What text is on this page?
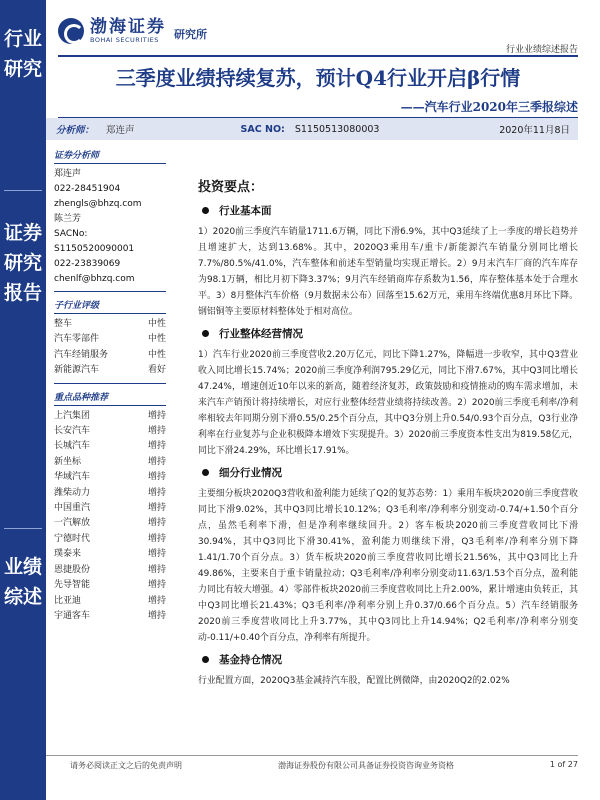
行业研究
证券研究报告
业绩综述
渤海证券
BOHAI SECURITIES	研究所
行业业绩综述报告
三季度业绩持续复苏，预计Q4行业开启β行情
——汽车行业2020年三季报综述
分析师： 郑连声	SAC NO: S1150513080003	2020年11月8日
证券分析师
郑连声
022-28451904
zhengls@bhzq.com
陈兰芳
SACNo: S1150520090001
022-23839069
chenlf@bhzq.com
子行业评级
整车	中性
汽车零部件	中性
汽车经销服务	中性
新能源汽车	看好
重点品种推荐
上汽集团	增持
长安汽车	增持
长城汽车	增持
新坐标	增持
华域汽车	增持
潍柴动力	增持
中国重汽	增持
一汽解放	增持
宁德时代	增持
璞泰来	增持
恩捷股份	增持
先导智能	增持
比亚迪	增持
宇通客车	增持
投资要点：
行业基本面
1）2020前三季度汽车销量1711.6万辆，同比下滑6.9%，其中Q3延续了上一季度的增长趋势并且增速扩大，达到13.68%。其中，2020Q3乘用车/重卡/新能源汽车销量分别同比增长7.7%/80.5%/41.0%，汽车整体和前述车型销量均实现正增长。2）9月末汽车厂商的汽车库存为98.1万辆，相比月初下降3.37%；9月汽车经销商库存系数为1.56，库存整体基本处于合理水平。3）8月整体汽车价格（9月数据未公布）回落至15.62万元，乘用车终端优惠8月环比下降。钢铝铜等主要原材料整体处于相对高位。
行业整体经营情况
1）汽车行业2020前三季度营收2.20万亿元，同比下降1.27%，降幅进一步收窄，其中Q3营业收入同比增长15.74%；2020前三季度净利润795.29亿元，同比下滑7.67%，其中Q3同比增长47.24%，增速创近10年以来的新高，随着经济复苏，政策鼓励和疫情推动的购车需求增加，未来汽车产销预计将持续增长，对应行业整体经营业绩将持续改善。2）2020前三季度毛利率/净利率相较去年同期分别下滑0.55/0.25个百分点，其中Q3分别上升0.54/0.93个百分点，Q3行业净利率在行业复苏与企业积极降本增效下实现提升。3）2020前三季度资本性支出为819.58亿元，同比下滑24.29%，环比增长17.91%。
细分行业情况
主要细分板块2020Q3营收和盈利能力延续了Q2的复苏态势：1）乘用车板块2020前三季度营收同比下滑9.02%，其中Q3同比增长10.12%；Q3毛利率/净利率分别变动-0.74/+1.50个百分点，虽然毛利率下滑，但是净利率继续回升。2）客车板块2020前三季度营收同比下滑30.94%，其中Q3同比下滑30.41%，盈利能力则继续下滑，Q3毛利率/净利率分别下降1.41/1.70个百分点。3）货车板块2020前三季度营收同比增长21.56%，其中Q3同比上升49.86%，主要来自于重卡销量拉动；Q3毛利率/净利率分别变动11.63/1.53个百分点，盈利能力同比有较大增强。4）零部件板块2020前三季度营收同比上升2.00%，累计增速由负转正，其中Q3同比增长21.43%；Q3毛利率/净利率分别上升0.37/0.66个百分点。5）汽车经销服务2020前三季度营收同比上升3.77%，其中Q3同比上升14.94%；Q2毛利率/净利率分别变动-0.11/+0.40个百分点，净利率有所提升。
基金持仓情况
行业配置方面，2020Q3基金减持汽车股，配置比例微降，由2020Q2的2.02%
请务必阅读正文之后的免责声明	渤海证券股份有限公司具备证券投资咨询业务资格	1 of 27
